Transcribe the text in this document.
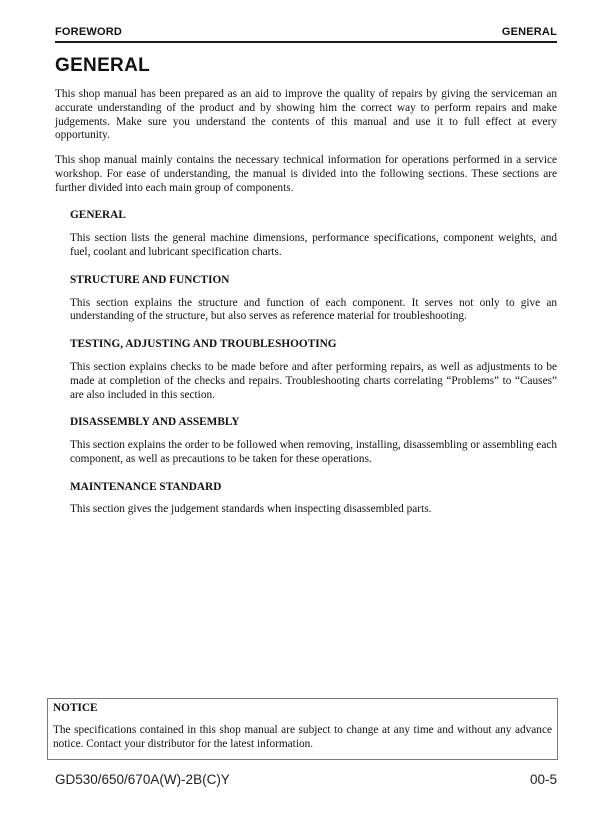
FOREWORD	GENERAL
GENERAL

This shop manual has been prepared as an aid to improve the quality of repairs by giving the serviceman an accurate understanding of the product and by showing him the correct way to perform repairs and make judgements. Make sure you understand the contents of this manual and use it to full effect at every opportunity.

This shop manual mainly contains the necessary technical information for operations performed in a service workshop. For ease of understanding, the manual is divided into the following sections. These sections are further divided into each main group of components.

GENERAL

This section lists the general machine dimensions, performance specifications, component weights, and fuel, coolant and lubricant specification charts.

STRUCTURE AND FUNCTION

This section explains the structure and function of each component. It serves not only to give an understanding of the structure, but also serves as reference material for troubleshooting.

TESTING, ADJUSTING AND TROUBLESHOOTING

This section explains checks to be made before and after performing repairs, as well as adjustments to be made at completion of the checks and repairs. Troubleshooting charts correlating “Problems” to “Causes” are also included in this section.

DISASSEMBLY AND ASSEMBLY

This section explains the order to be followed when removing, installing, disassembling or assembling each component, as well as precautions to be taken for these operations.

MAINTENANCE STANDARD

This section gives the judgement standards when inspecting disassembled parts.

NOTICE

The specifications contained in this shop manual are subject to change at any time and without any advance notice. Contact your distributor for the latest information.

GD530/650/670A(W)-2B(C)Y	00-5
